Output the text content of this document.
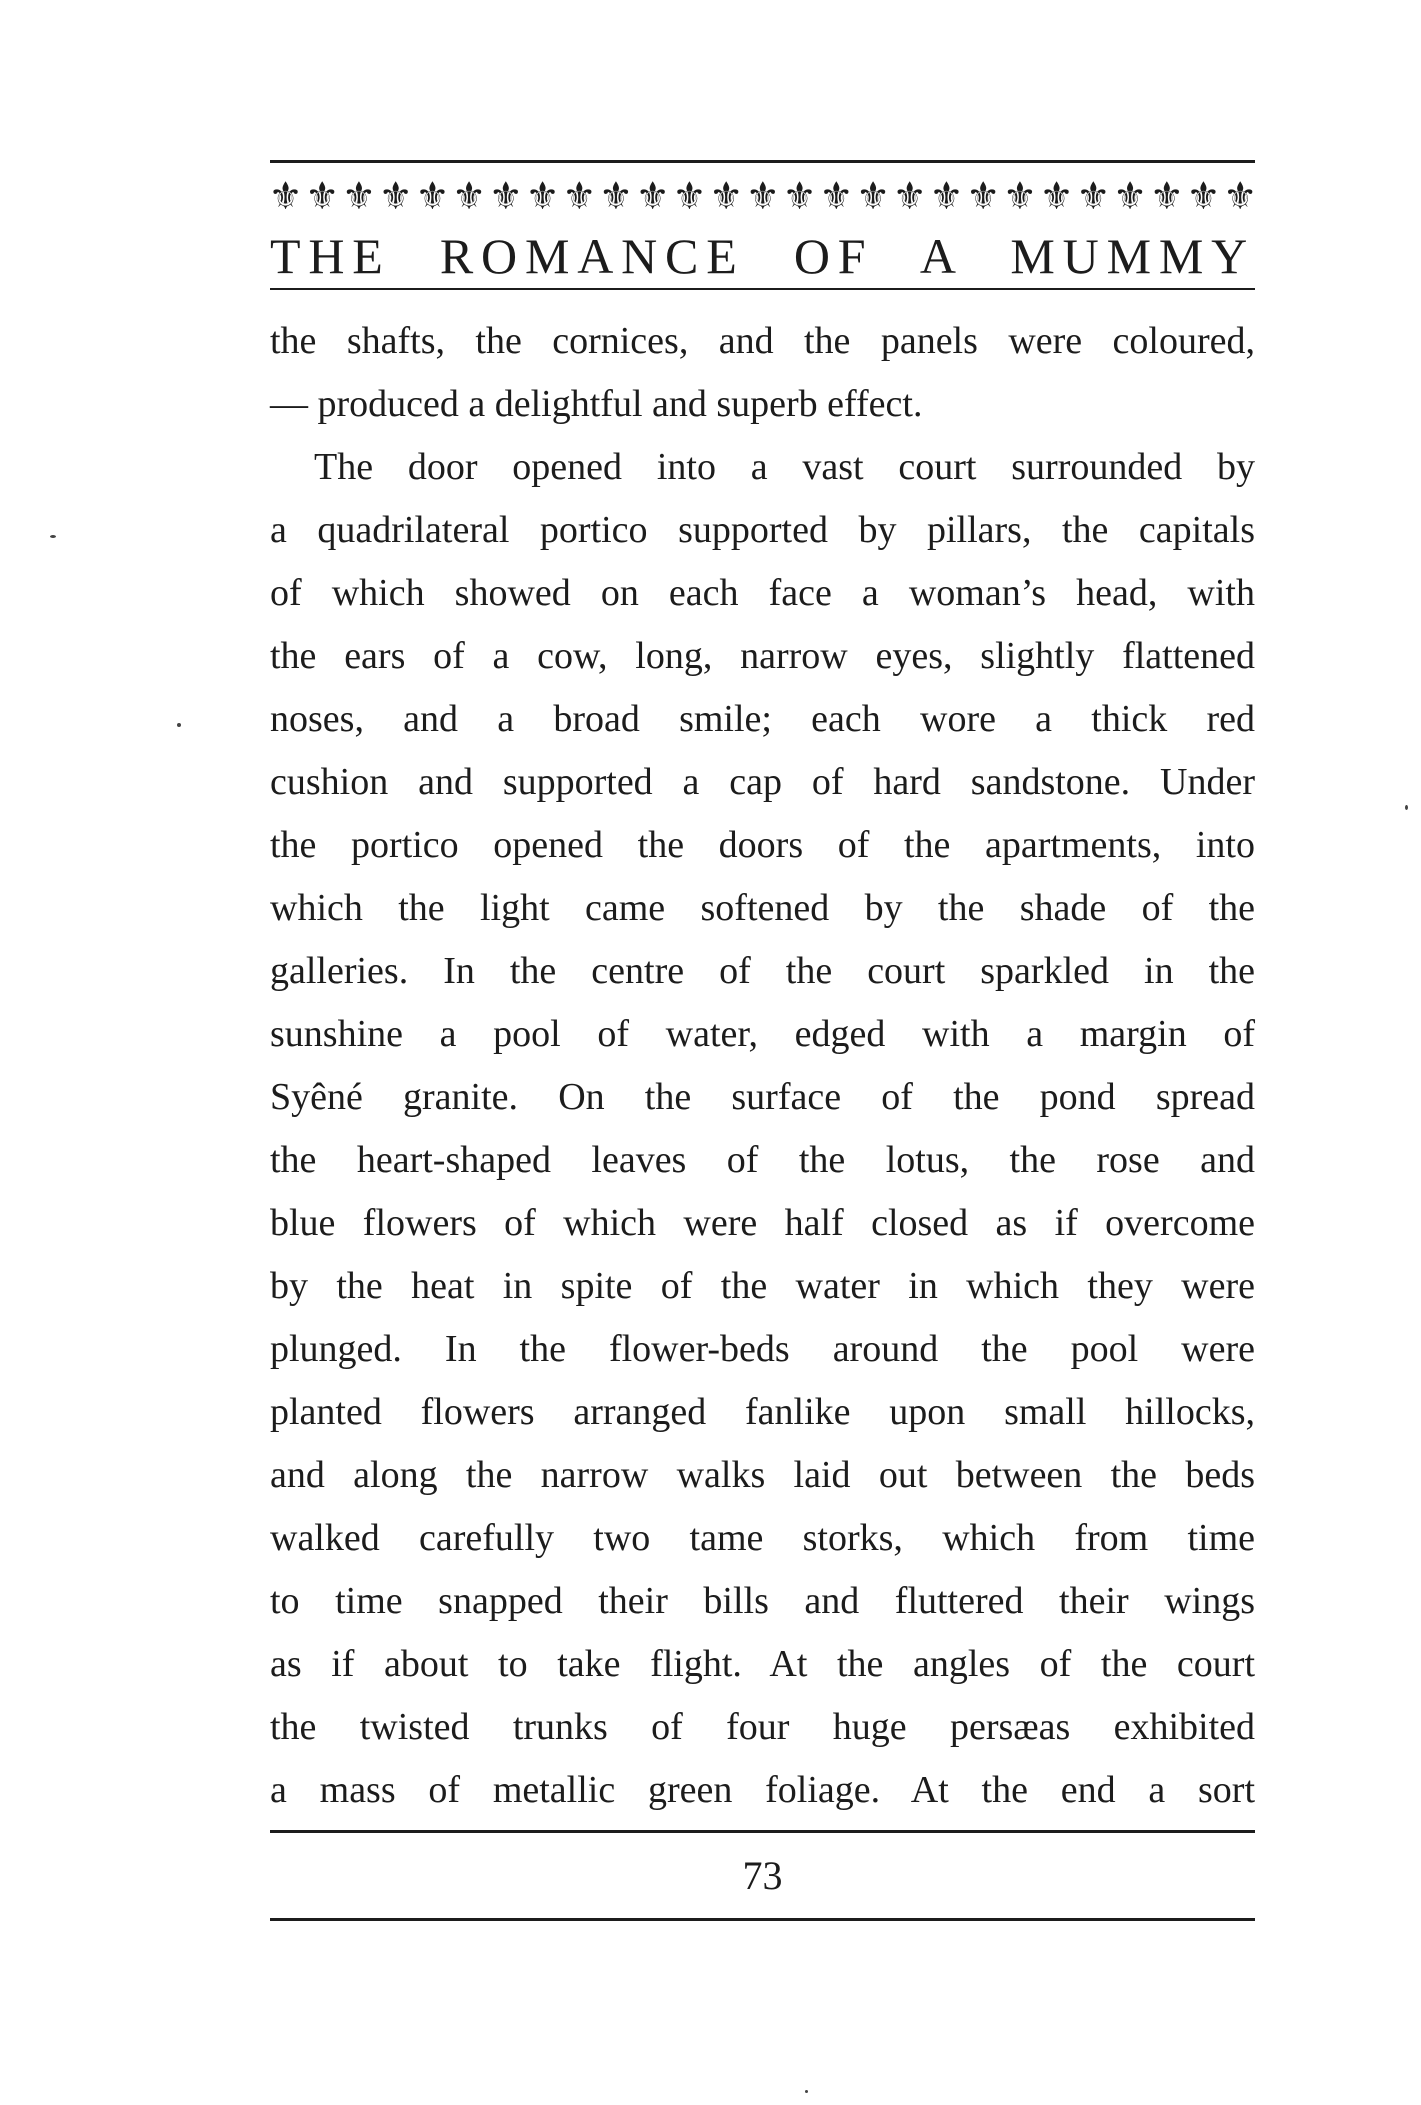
⚜ ⚜ ⚜ ⚜ ⚜ ⚜ ⚜ ⚜ ⚜ ⚜ ⚜ ⚜ ⚜ ⚜ ⚜ ⚜ ⚜ ⚜ ⚜ ⚜ ⚜ ⚜ ⚜ ⚜ ⚜ ⚜ ⚜
THE ROMANCE OF A MUMMY
the shafts, the cornices, and the panels were coloured,
— produced a delightful and superb effect.
The door opened into a vast court surrounded by
a quadrilateral portico supported by pillars, the capitals
of which showed on each face a woman’s head, with
the ears of a cow, long, narrow eyes, slightly flattened
noses, and a broad smile; each wore a thick red
cushion and supported a cap of hard sandstone. Under
the portico opened the doors of the apartments, into
which the light came softened by the shade of the
galleries. In the centre of the court sparkled in the
sunshine a pool of water, edged with a margin of
Syêné granite. On the surface of the pond spread
the heart-shaped leaves of the lotus, the rose and
blue flowers of which were half closed as if overcome
by the heat in spite of the water in which they were
plunged. In the flower-beds around the pool were
planted flowers arranged fanlike upon small hillocks,
and along the narrow walks laid out between the beds
walked carefully two tame storks, which from time
to time snapped their bills and fluttered their wings
as if about to take flight. At the angles of the court
the twisted trunks of four huge persæas exhibited
a mass of metallic green foliage. At the end a sort
73
